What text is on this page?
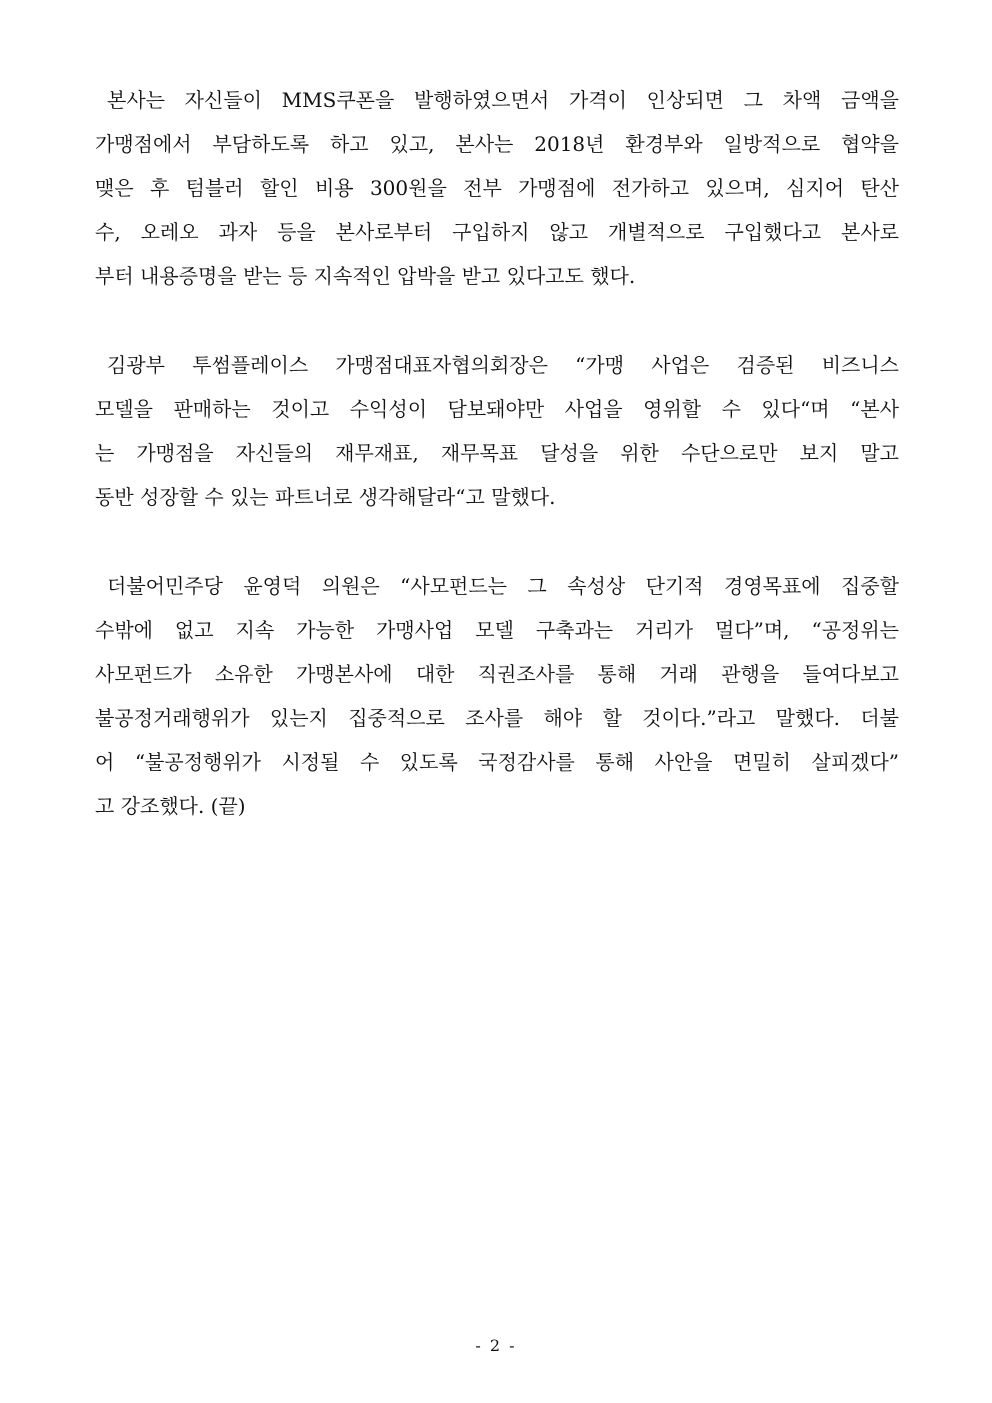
본사는 자신들이 MMS쿠폰을 발행하였으면서 가격이 인상되면 그 차액 금액을
가맹점에서 부담하도록 하고 있고, 본사는 2018년 환경부와 일방적으로 협약을
맺은 후 텀블러 할인 비용 300원을 전부 가맹점에 전가하고 있으며, 심지어 탄산
수, 오레오 과자 등을 본사로부터 구입하지 않고 개별적으로 구입했다고 본사로
부터 내용증명을 받는 등 지속적인 압박을 받고 있다고도 했다.
김광부 투썸플레이스 가맹점대표자협의회장은 “가맹 사업은 검증된 비즈니스
모델을 판매하는 것이고 수익성이 담보돼야만 사업을 영위할 수 있다“며 “본사
는 가맹점을 자신들의 재무재표, 재무목표 달성을 위한 수단으로만 보지 말고
동반 성장할 수 있는 파트너로 생각해달라“고 말했다.
더불어민주당 윤영덕 의원은 “사모펀드는 그 속성상 단기적 경영목표에 집중할
수밖에 없고 지속 가능한 가맹사업 모델 구축과는 거리가 멀다”며, “공정위는
사모펀드가 소유한 가맹본사에 대한 직권조사를 통해 거래 관행을 들여다보고
불공정거래행위가 있는지 집중적으로 조사를 해야 할 것이다.”라고 말했다. 더불
어 “불공정행위가 시정될 수 있도록 국정감사를 통해 사안을 면밀히 살피겠다”
고 강조했다. (끝)
- 2 -
